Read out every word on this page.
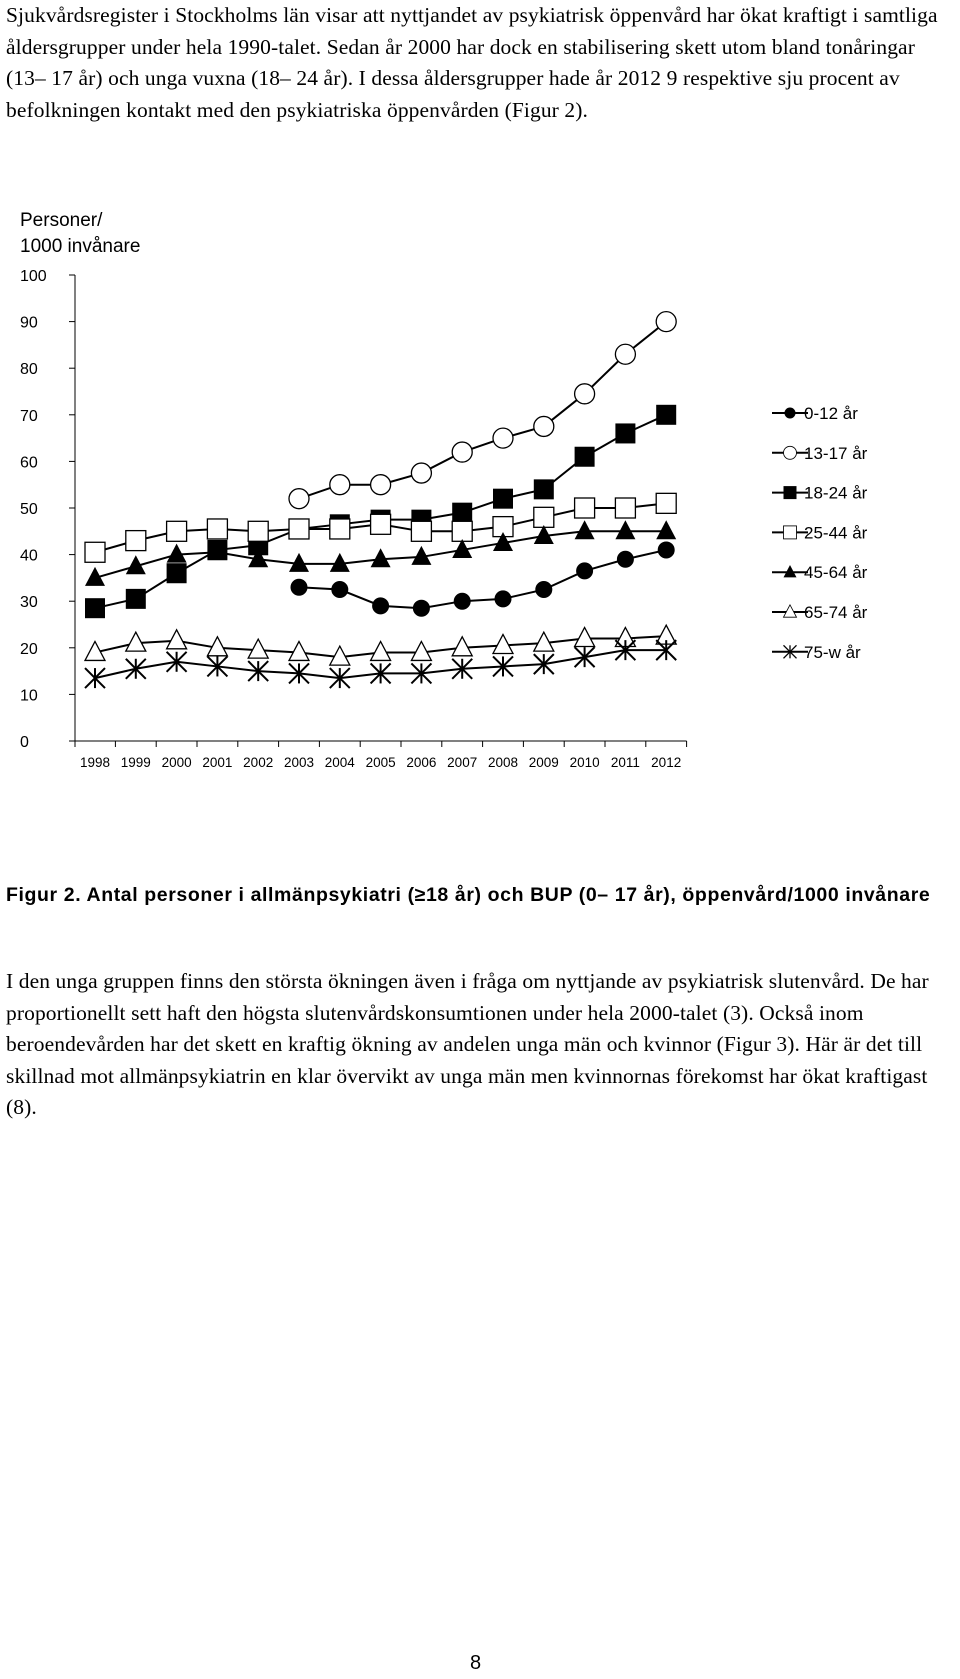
Sjukvårdsregister i Stockholms län visar att nyttjandet av psykiatrisk öppenvård har ökat kraftigt i samtliga åldersgrupper under hela 1990-talet. Sedan år 2000 har dock en stabilisering skett utom bland tonåringar (13– 17 år) och unga vuxna (18– 24 år). I dessa åldersgrupper hade år 2012 9 respektive sju procent av befolkningen kontakt med den psykiatriska öppenvården (Figur 2).

Personer/ 1000 invånare
0
10
20
30
40
50
60
70
80
90
100
1998 1999 2000 2001 2002 2003 2004 2005 2006 2007 2008 2009 2010 2011 2012
0-12 år
13-17 år
18-24 år
25-44 år
45-64 år
65-74 år
75-w år

Figur 2. Antal personer i allmänpsykiatri (≥18 år) och BUP (0– 17 år), öppenvård/1000 invånare

I den unga gruppen finns den största ökningen även i fråga om nyttjande av psykiatrisk slutenvård. De har proportionellt sett haft den högsta slutenvårdskonsumtionen under hela 2000-talet (3). Också inom beroendevården har det skett en kraftig ökning av andelen unga män och kvinnor (Figur 3). Här är det till skillnad mot allmänpsykiatrin en klar övervikt av unga män men kvinnornas förekomst har ökat kraftigast (8).

8
